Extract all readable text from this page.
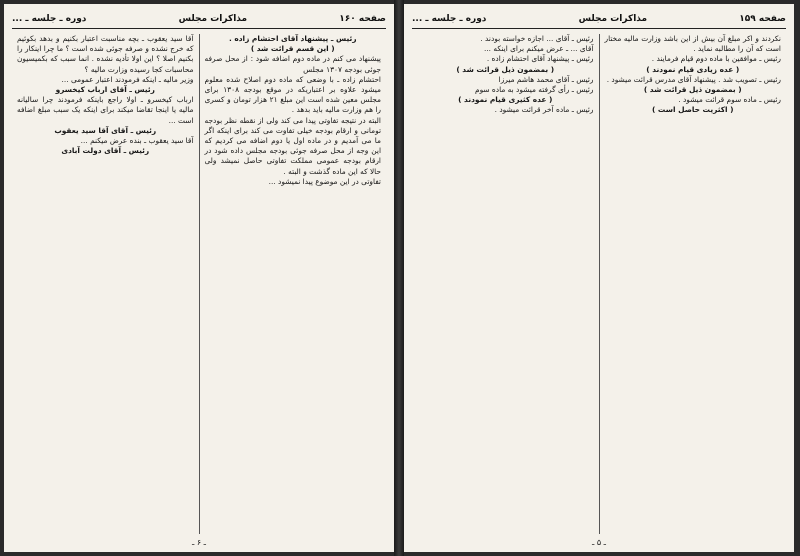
صفحه ۱۶۰
مذاکرات مجلس
دوره ـ جلسه ـ ...

رئیس ـ پیشنهاد آقای احتشام زاده .

( این قسم قرائت شد )

پیشنهاد می کنم در ماده دوم اضافه شود : از محل صرفه جوئی بودجه ۱۳۰۷ مجلس

احتشام زاده ـ با وضعی که ماده دوم اصلاح شده معلوم میشود علاوه بر اعتباریکه در موقع بودجه ۱۳۰۸ برای مجلس معین شده است این مبلغ ۲۱ هزار تومان و کسری را هم وزارت مالیه باید بدهد .

البته در نتیجه تفاوتی پیدا می کند ولی از نقطه نظر بودجه تومانی و ارقام بودجه خیلی تفاوت می کند برای اینکه اگر ما می آمدیم و در ماده اول یا دوم اضافه می کردیم که این وجه از محل صرفه جوئی بودجه مجلس داده شود در ارقام بودجه عمومی مملکت تفاوتی حاصل نمیشد ولی حالا که این ماده گذشت و البته .

تفاوتی در این موضوع پیدا نمیشود ...

آقا سید یعقوب ـ بچه مناسبت اعتبار بکنیم و بدهد بکوئیم که خرج نشده و صرفه جوئی شده است ؟ ما چرا اینکار را بکنیم اصلا ؟ این اولا تأدیه نشده . انما سبب که بکمیسیون محاسبات کجا رسیده وزارت مالیه ؟

وزیر مالیه ـ اینکه فرمودند اعتبار عمومی ...

رئیس ـ آقای ارباب کیخسرو

ارباب کیخسرو ـ اولا راجع باینکه فرمودند چرا سالیانه مالیه یا اینجا تقاضا میکند برای اینکه یک سبب مبلغ اضافه است ...

رئیس ـ آقای آقا سید یعقوب

آقا سید یعقوب ـ بنده عرض میکنم ...

رئیس ـ آقای دولت آبادی

ـ ۶ ـ
صفحه ۱۵۹
مذاکرات مجلس
دوره ـ جلسه ـ ...

نکردند و اکر مبلغ آن بیش از این باشد وزارت مالیه مختار است که آن را مطالبه نماید .

رئیس ـ موافقین با ماده دوم قیام فرمایند .

( عده زیادی قیام نمودند )

رئیس ـ تصویب شد . پیشنهاد آقای مدرس قرائت میشود .

( بمضمون ذیل قرائت شد )

رئیس ـ ماده سوم قرائت میشود .

( اکثریت حاصل است )

رئیس ـ آقای ... اجازه خواسته بودند .

آقای ... ـ عرض میکنم برای اینکه ...

رئیس ـ پیشنهاد آقای احتشام زاده .

( بمضمون ذیل قرائت شد )

رئیس ـ آقای محمد هاشم میرزا

رئیس ـ رأی گرفته میشود به ماده سوم

( عده کثیری قیام نمودند )

رئیس ـ ماده آخر قرائت میشود .

ـ ۵ ـ
